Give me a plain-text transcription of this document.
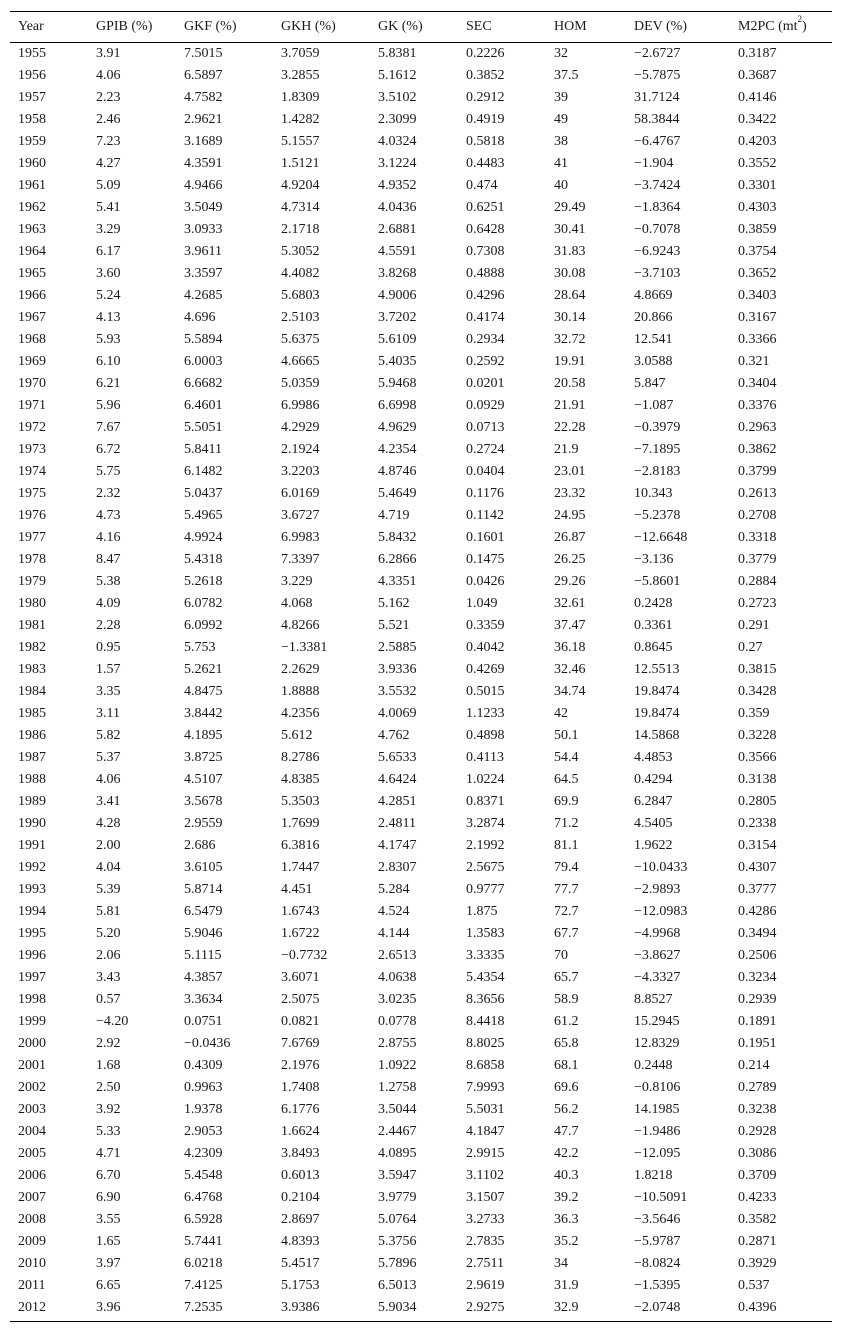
Year	GPIB (%)	GKF (%)	GKH (%)	GK (%)	SEC	HOM	DEV (%)	M2PC $(mt^2)$
1955	3.91	7.5015	3.7059	5.8381	0.2226	32	−2.6727	0.3187
1956	4.06	6.5897	3.2855	5.1612	0.3852	37.5	−5.7875	0.3687
1957	2.23	4.7582	1.8309	3.5102	0.2912	39	31.7124	0.4146
1958	2.46	2.9621	1.4282	2.3099	0.4919	49	58.3844	0.3422
1959	7.23	3.1689	5.1557	4.0324	0.5818	38	−6.4767	0.4203
1960	4.27	4.3591	1.5121	3.1224	0.4483	41	−1.904	0.3552
1961	5.09	4.9466	4.9204	4.9352	0.474	40	−3.7424	0.3301
1962	5.41	3.5049	4.7314	4.0436	0.6251	29.49	−1.8364	0.4303
1963	3.29	3.0933	2.1718	2.6881	0.6428	30.41	−0.7078	0.3859
1964	6.17	3.9611	5.3052	4.5591	0.7308	31.83	−6.9243	0.3754
1965	3.60	3.3597	4.4082	3.8268	0.4888	30.08	−3.7103	0.3652
1966	5.24	4.2685	5.6803	4.9006	0.4296	28.64	4.8669	0.3403
1967	4.13	4.696	2.5103	3.7202	0.4174	30.14	20.866	0.3167
1968	5.93	5.5894	5.6375	5.6109	0.2934	32.72	12.541	0.3366
1969	6.10	6.0003	4.6665	5.4035	0.2592	19.91	3.0588	0.321
1970	6.21	6.6682	5.0359	5.9468	0.0201	20.58	5.847	0.3404
1971	5.96	6.4601	6.9986	6.6998	0.0929	21.91	−1.087	0.3376
1972	7.67	5.5051	4.2929	4.9629	0.0713	22.28	−0.3979	0.2963
1973	6.72	5.8411	2.1924	4.2354	0.2724	21.9	−7.1895	0.3862
1974	5.75	6.1482	3.2203	4.8746	0.0404	23.01	−2.8183	0.3799
1975	2.32	5.0437	6.0169	5.4649	0.1176	23.32	10.343	0.2613
1976	4.73	5.4965	3.6727	4.719	0.1142	24.95	−5.2378	0.2708
1977	4.16	4.9924	6.9983	5.8432	0.1601	26.87	−12.6648	0.3318
1978	8.47	5.4318	7.3397	6.2866	0.1475	26.25	−3.136	0.3779
1979	5.38	5.2618	3.229	4.3351	0.0426	29.26	−5.8601	0.2884
1980	4.09	6.0782	4.068	5.162	1.049	32.61	0.2428	0.2723
1981	2.28	6.0992	4.8266	5.521	0.3359	37.47	0.3361	0.291
1982	0.95	5.753	−1.3381	2.5885	0.4042	36.18	0.8645	0.27
1983	1.57	5.2621	2.2629	3.9336	0.4269	32.46	12.5513	0.3815
1984	3.35	4.8475	1.8888	3.5532	0.5015	34.74	19.8474	0.3428
1985	3.11	3.8442	4.2356	4.0069	1.1233	42	19.8474	0.359
1986	5.82	4.1895	5.612	4.762	0.4898	50.1	14.5868	0.3228
1987	5.37	3.8725	8.2786	5.6533	0.4113	54.4	4.4853	0.3566
1988	4.06	4.5107	4.8385	4.6424	1.0224	64.5	0.4294	0.3138
1989	3.41	3.5678	5.3503	4.2851	0.8371	69.9	6.2847	0.2805
1990	4.28	2.9559	1.7699	2.4811	3.2874	71.2	4.5405	0.2338
1991	2.00	2.686	6.3816	4.1747	2.1992	81.1	1.9622	0.3154
1992	4.04	3.6105	1.7447	2.8307	2.5675	79.4	−10.0433	0.4307
1993	5.39	5.8714	4.451	5.284	0.9777	77.7	−2.9893	0.3777
1994	5.81	6.5479	1.6743	4.524	1.875	72.7	−12.0983	0.4286
1995	5.20	5.9046	1.6722	4.144	1.3583	67.7	−4.9968	0.3494
1996	2.06	5.1115	−0.7732	2.6513	3.3335	70	−3.8627	0.2506
1997	3.43	4.3857	3.6071	4.0638	5.4354	65.7	−4.3327	0.3234
1998	0.57	3.3634	2.5075	3.0235	8.3656	58.9	8.8527	0.2939
1999	−4.20	0.0751	0.0821	0.0778	8.4418	61.2	15.2945	0.1891
2000	2.92	−0.0436	7.6769	2.8755	8.8025	65.8	12.8329	0.1951
2001	1.68	0.4309	2.1976	1.0922	8.6858	68.1	0.2448	0.214
2002	2.50	0.9963	1.7408	1.2758	7.9993	69.6	−0.8106	0.2789
2003	3.92	1.9378	6.1776	3.5044	5.5031	56.2	14.1985	0.3238
2004	5.33	2.9053	1.6624	2.4467	4.1847	47.7	−1.9486	0.2928
2005	4.71	4.2309	3.8493	4.0895	2.9915	42.2	−12.095	0.3086
2006	6.70	5.4548	0.6013	3.5947	3.1102	40.3	1.8218	0.3709
2007	6.90	6.4768	0.2104	3.9779	3.1507	39.2	−10.5091	0.4233
2008	3.55	6.5928	2.8697	5.0764	3.2733	36.3	−3.5646	0.3582
2009	1.65	5.7441	4.8393	5.3756	2.7835	35.2	−5.9787	0.2871
2010	3.97	6.0218	5.4517	5.7896	2.7511	34	−8.0824	0.3929
2011	6.65	7.4125	5.1753	6.5013	2.9619	31.9	−1.5395	0.537
2012	3.96	7.2535	3.9386	5.9034	2.9275	32.9	−2.0748	0.4396
